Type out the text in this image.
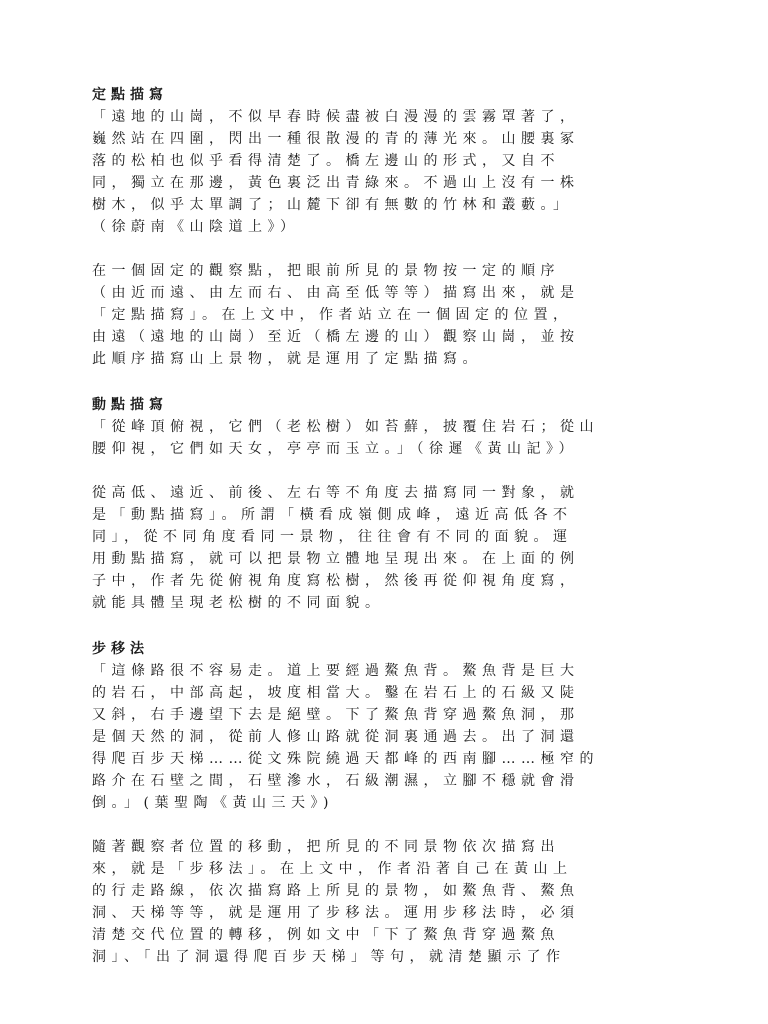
定點描寫
「遠地的山崗，不似早春時候盡被白漫漫的雲霧罩著了，
巍然站在四圍，閃出一種很散漫的青的薄光來。山腰裏冢
落的松柏也似乎看得清楚了。橋左邊山的形式，又自不
同，獨立在那邊，黃色裏泛出青綠來。不過山上沒有一株
樹木，似乎太單調了；山麓下卻有無數的竹林和叢藪。」
（徐蔚南《山陰道上》）
在一個固定的觀察點，把眼前所見的景物按一定的順序
（由近而遠、由左而右、由高至低等等）描寫出來，就是
「定點描寫」。在上文中，作者站立在一個固定的位置，
由遠（遠地的山崗）至近（橋左邊的山）觀察山崗，並按
此順序描寫山上景物，就是運用了定點描寫。
動點描寫
「從峰頂俯視，它們（老松樹）如苔蘚，披覆住岩石；從山
腰仰視，它們如天女，亭亭而玉立。」（徐遲《黃山記》）
從高低、遠近、前後、左右等不角度去描寫同一對象，就
是「動點描寫」。所謂「橫看成嶺側成峰，遠近高低各不
同」，從不同角度看同一景物，往往會有不同的面貌。運
用動點描寫，就可以把景物立體地呈現出來。在上面的例
子中，作者先從俯視角度寫松樹，然後再從仰視角度寫，
就能具體呈現老松樹的不同面貌。
步移法
「這條路很不容易走。道上要經過鰲魚背。鰲魚背是巨大
的岩石，中部高起，坡度相當大。鑿在岩石上的石級又陡
又斜，右手邊望下去是絕壁。下了鰲魚背穿過鰲魚洞，那
是個天然的洞，從前人修山路就從洞裏通過去。出了洞還
得爬百步天梯……從文殊院繞過天都峰的西南腳……極窄的
路介在石壁之間，石壁滲水，石級潮濕，立腳不穩就會滑
倒。」(葉聖陶《黃山三天》)
隨著觀察者位置的移動，把所見的不同景物依次描寫出
來，就是「步移法」。在上文中，作者沿著自己在黃山上
的行走路線，依次描寫路上所見的景物，如鰲魚背、鰲魚
洞、天梯等等，就是運用了步移法。運用步移法時，必須
清楚交代位置的轉移，例如文中「下了鰲魚背穿過鰲魚
洞」、「出了洞還得爬百步天梯」等句，就清楚顯示了作
